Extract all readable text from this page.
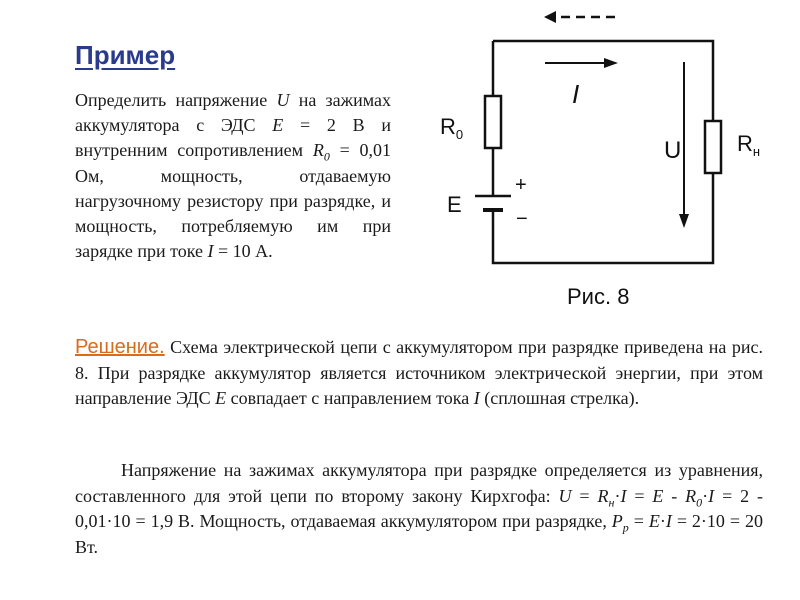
Пример

Определить напряжение U на зажимах аккумулятора с ЭДС E = 2 В и внутренним сопротивлением $R_0 = 0,01$ Ом, мощность, отдаваемую нагрузочному резистору при разрядке, и мощность, потребляемую им при зарядке при токе I = 10 А.

$R_0$	$R_н$
E
+
−
I
U
Рис. 8

Решение. Схема электрической цепи с аккумулятором при разрядке приведена на рис. 8. При разрядке аккумулятор является источником электрической энергии, при этом направление ЭДС E совпадает с направлением тока I (сплошная стрелка).

Напряжение на зажимах аккумулятора при разрядке определяется из уравнения, составленного для этой цепи по второму закону Кирхгофа: $U = R_н\cdot I = E - R_0\cdot I = 2 - 0,01\cdot 10 = 1,9$ В. Мощность, отдаваемая аккумулятором при разрядке, $P_p = E\cdot I = 2\cdot 10 = 20$ Вт.
